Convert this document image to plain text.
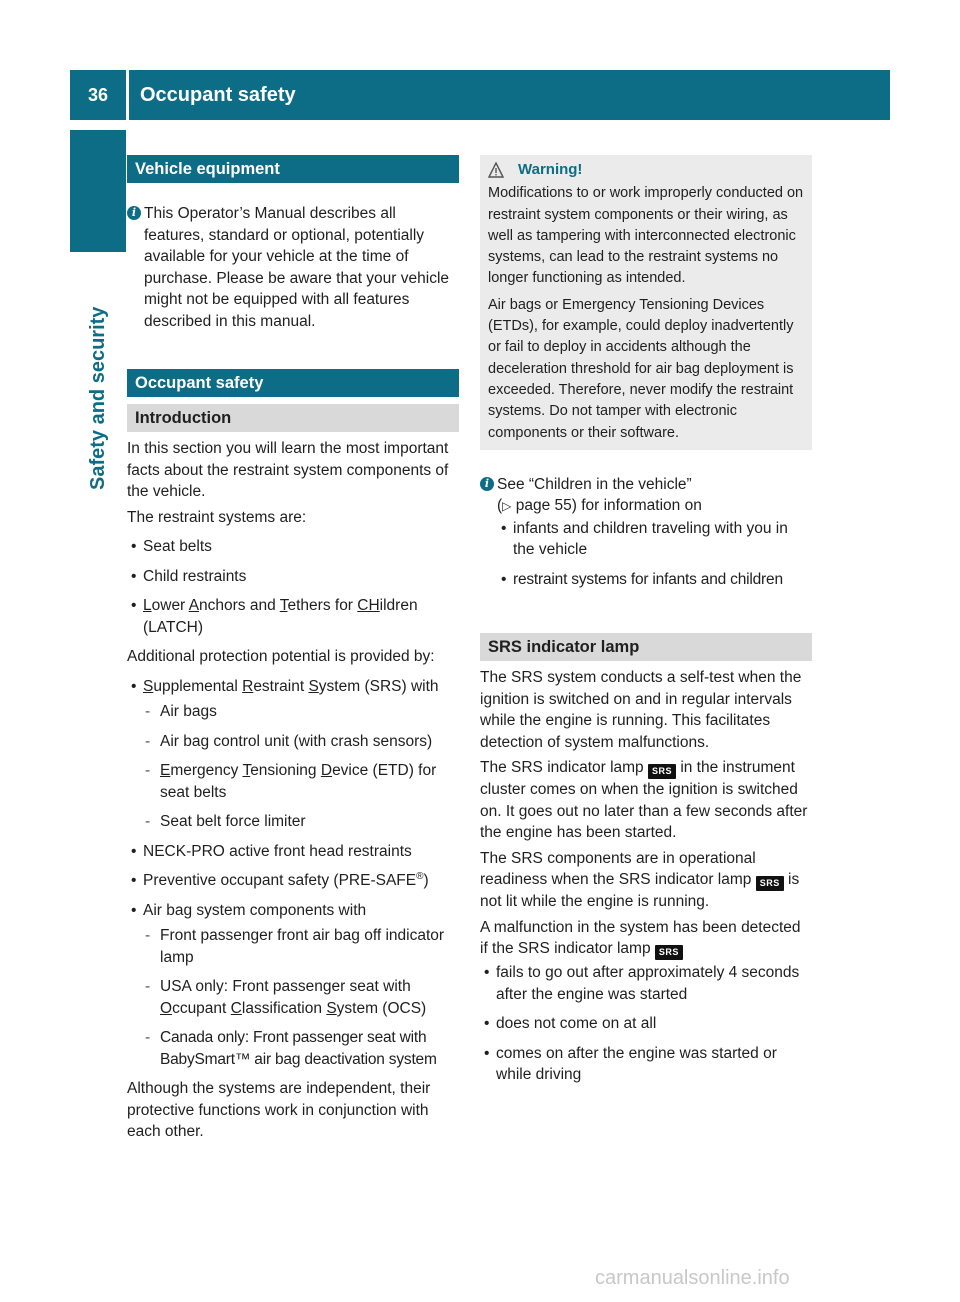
36	Occupant safety
Safety and security
Vehicle equipment
i This Operator’s Manual describes all features, standard or optional, potentially available for your vehicle at the time of purchase. Please be aware that your vehicle might not be equipped with all features described in this manual.
Occupant safety
Introduction

In this section you will learn the most important facts about the restraint system components of the vehicle.

The restraint systems are:

• Seat belts
• Child restraints
• Lower Anchors and Tethers for CHildren
(LATCH)

Additional protection potential is provided by:

• Supplemental Restraint System (SRS) with
- Air bags
- Air bag control unit (with crash sensors)
- Emergency Tensioning Device (ETD) for seat belts
- Seat belt force limiter
• NECK-PRO active front head restraints
• Preventive occupant safety (PRE-SAFE®)
• Air bag system components with
- Front passenger front air bag off indicator lamp
- USA only: Front passenger seat with Occupant Classification System (OCS)
- Canada only: Front passenger seat with BabySmart™ air bag deactivation system

Although the systems are independent, their protective functions work in conjunction with each other.

Warning!

Modifications to or work improperly conducted on restraint system components or their wiring, as well as tampering with interconnected electronic systems, can lead to the restraint systems no longer functioning as intended.

Air bags or Emergency Tensioning Devices (ETDs), for example, could deploy inadvertently or fail to deploy in accidents although the deceleration threshold for air bag deployment is exceeded. Therefore, never modify the restraint systems. Do not tamper with electronic components or their software.

i See “Children in the vehicle”
(▷ page 55) for information on
• infants and children traveling with you in the vehicle
• restraint systems for infants and children
SRS indicator lamp

The SRS system conducts a self-test when the ignition is switched on and in regular intervals while the engine is running. This facilitates detection of system malfunctions.

The SRS indicator lamp SRS in the instrument cluster comes on when the ignition is switched on. It goes out no later than a few seconds after the engine has been started.

The SRS components are in operational readiness when the SRS indicator lamp SRS is not lit while the engine is running.

A malfunction in the system has been detected if the SRS indicator lamp SRS

• fails to go out after approximately 4 seconds after the engine was started
• does not come on at all
• comes on after the engine was started or while driving
carmanualsonline.info
